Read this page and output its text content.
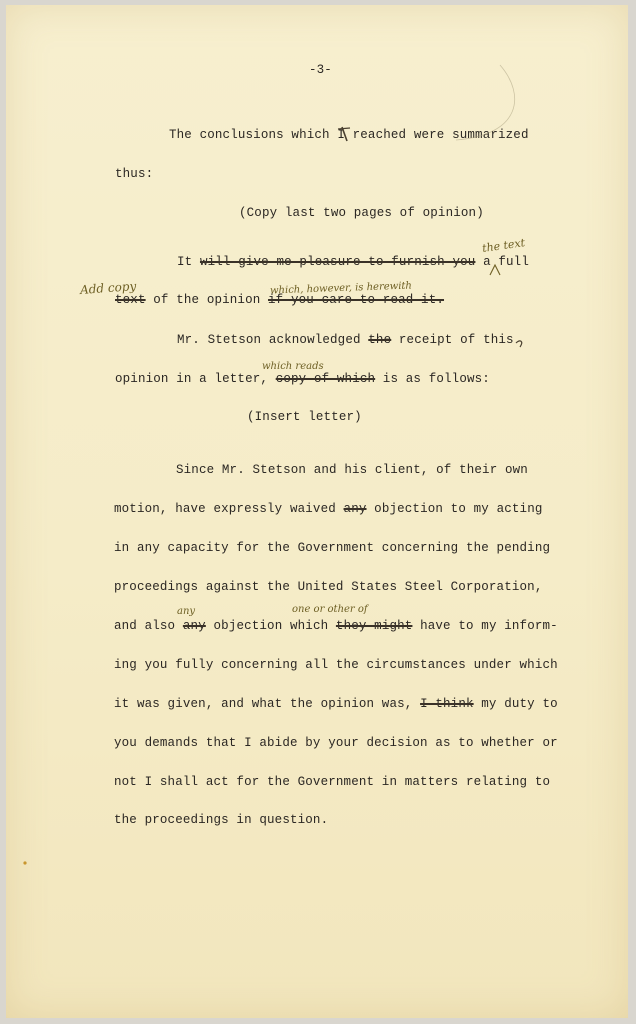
-3-
The conclusions which I reached were summarized
thus:
(Copy last two pages of opinion)
It will give me pleasure to furnish you a full
text of the opinion if you care to read it.
Mr. Stetson acknowledged the receipt of this
opinion in a letter, copy of which is as follows:
(Insert letter)
Since Mr. Stetson and his client, of their own
motion, have expressly waived any objection to my acting
in any capacity for the Government concerning the pending
proceedings against the United States Steel Corporation,
and also any objection which they might have to my inform-
ing you fully concerning all the circumstances under which
it was given, and what the opinion was, I think my duty to
you demands that I abide by your decision as to whether or
not I shall act for the Government in matters relating to
the proceedings in question.
the text
Add copy	which, however, is herewith
which reads
any	one or other of
